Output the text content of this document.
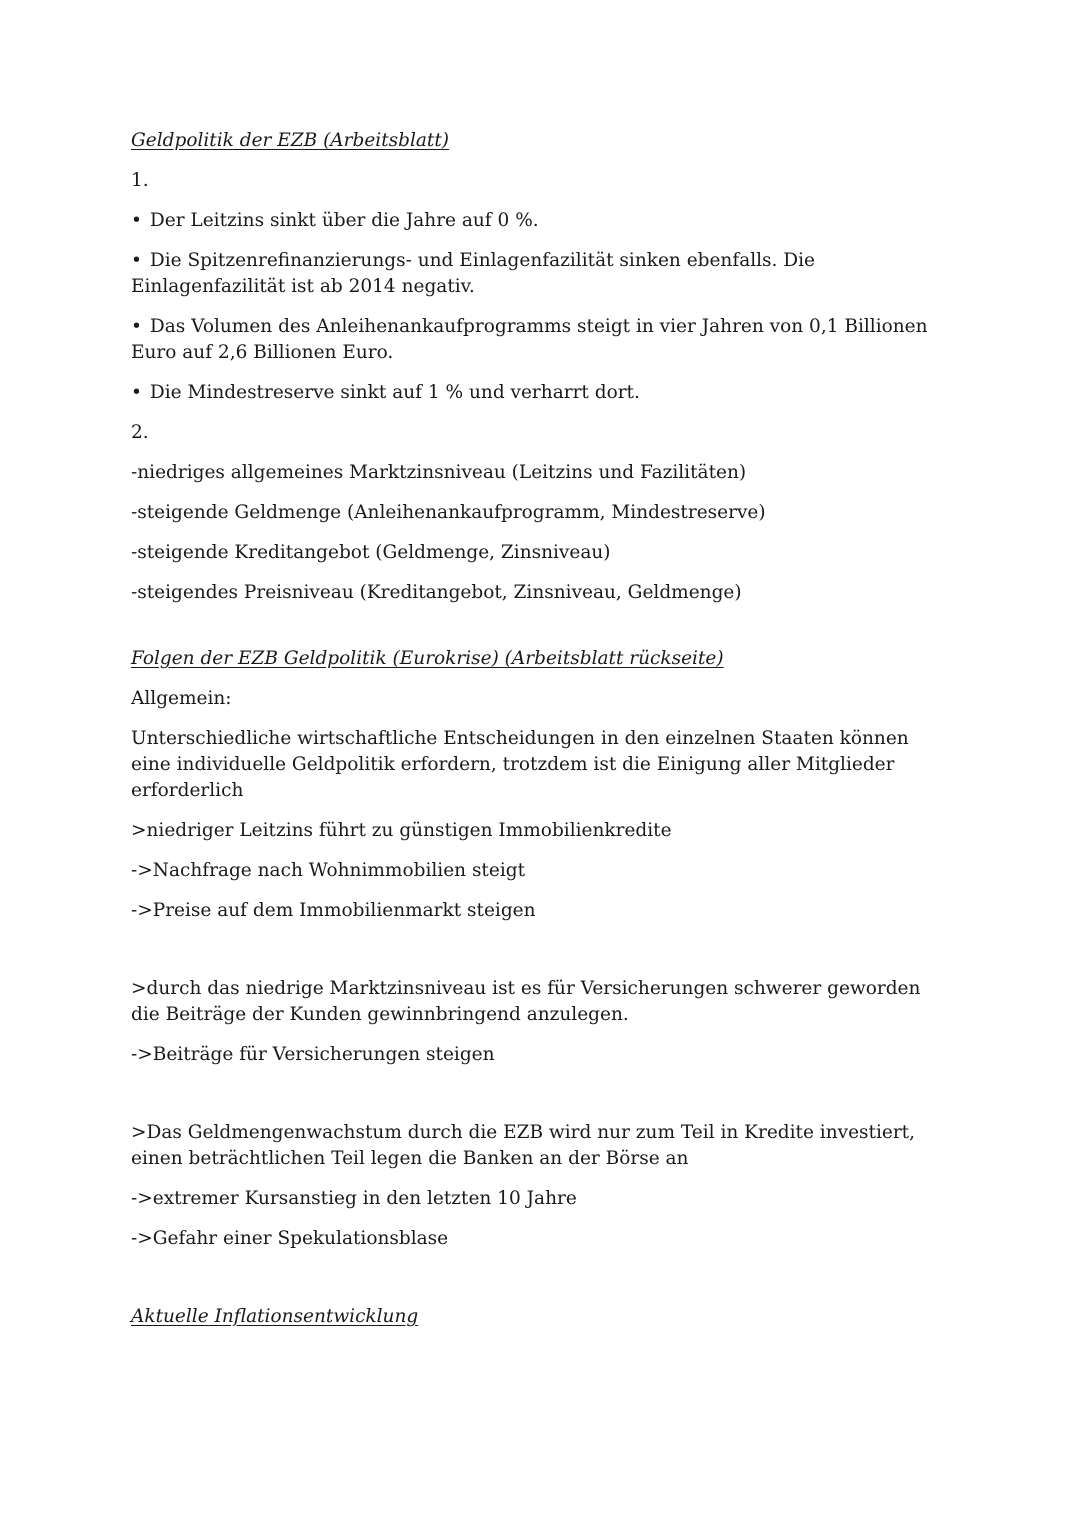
Geldpolitik der EZB (Arbeitsblatt)
1.
• Der Leitzins sinkt über die Jahre auf 0 %.
• Die Spitzenrefinanzierungs- und Einlagenfazilität sinken ebenfalls. Die Einlagenfazilität ist ab 2014 negativ.
• Das Volumen des Anleihenankaufprogramms steigt in vier Jahren von 0,1 Billionen Euro auf 2,6 Billionen Euro.
• Die Mindestreserve sinkt auf 1 % und verharrt dort.
2.
-niedriges allgemeines Marktzinsniveau (Leitzins und Fazilitäten)
-steigende Geldmenge (Anleihenankaufprogramm, Mindestreserve)
-steigende Kreditangebot (Geldmenge, Zinsniveau)
-steigendes Preisniveau (Kreditangebot, Zinsniveau, Geldmenge)
Folgen der EZB Geldpolitik (Eurokrise) (Arbeitsblatt rückseite)
Allgemein:
Unterschiedliche wirtschaftliche Entscheidungen in den einzelnen Staaten können eine individuelle Geldpolitik erfordern, trotzdem ist die Einigung aller Mitglieder erforderlich
>niedriger Leitzins führt zu günstigen Immobilienkredite
->Nachfrage nach Wohnimmobilien steigt
->Preise auf dem Immobilienmarkt steigen
>durch das niedrige Marktzinsniveau ist es für Versicherungen schwerer geworden die Beiträge der Kunden gewinnbringend anzulegen.
->Beiträge für Versicherungen steigen
>Das Geldmengenwachstum durch die EZB wird nur zum Teil in Kredite investiert, einen beträchtlichen Teil legen die Banken an der Börse an
->extremer Kursanstieg in den letzten 10 Jahre
->Gefahr einer Spekulationsblase
Aktuelle Inflationsentwicklung
